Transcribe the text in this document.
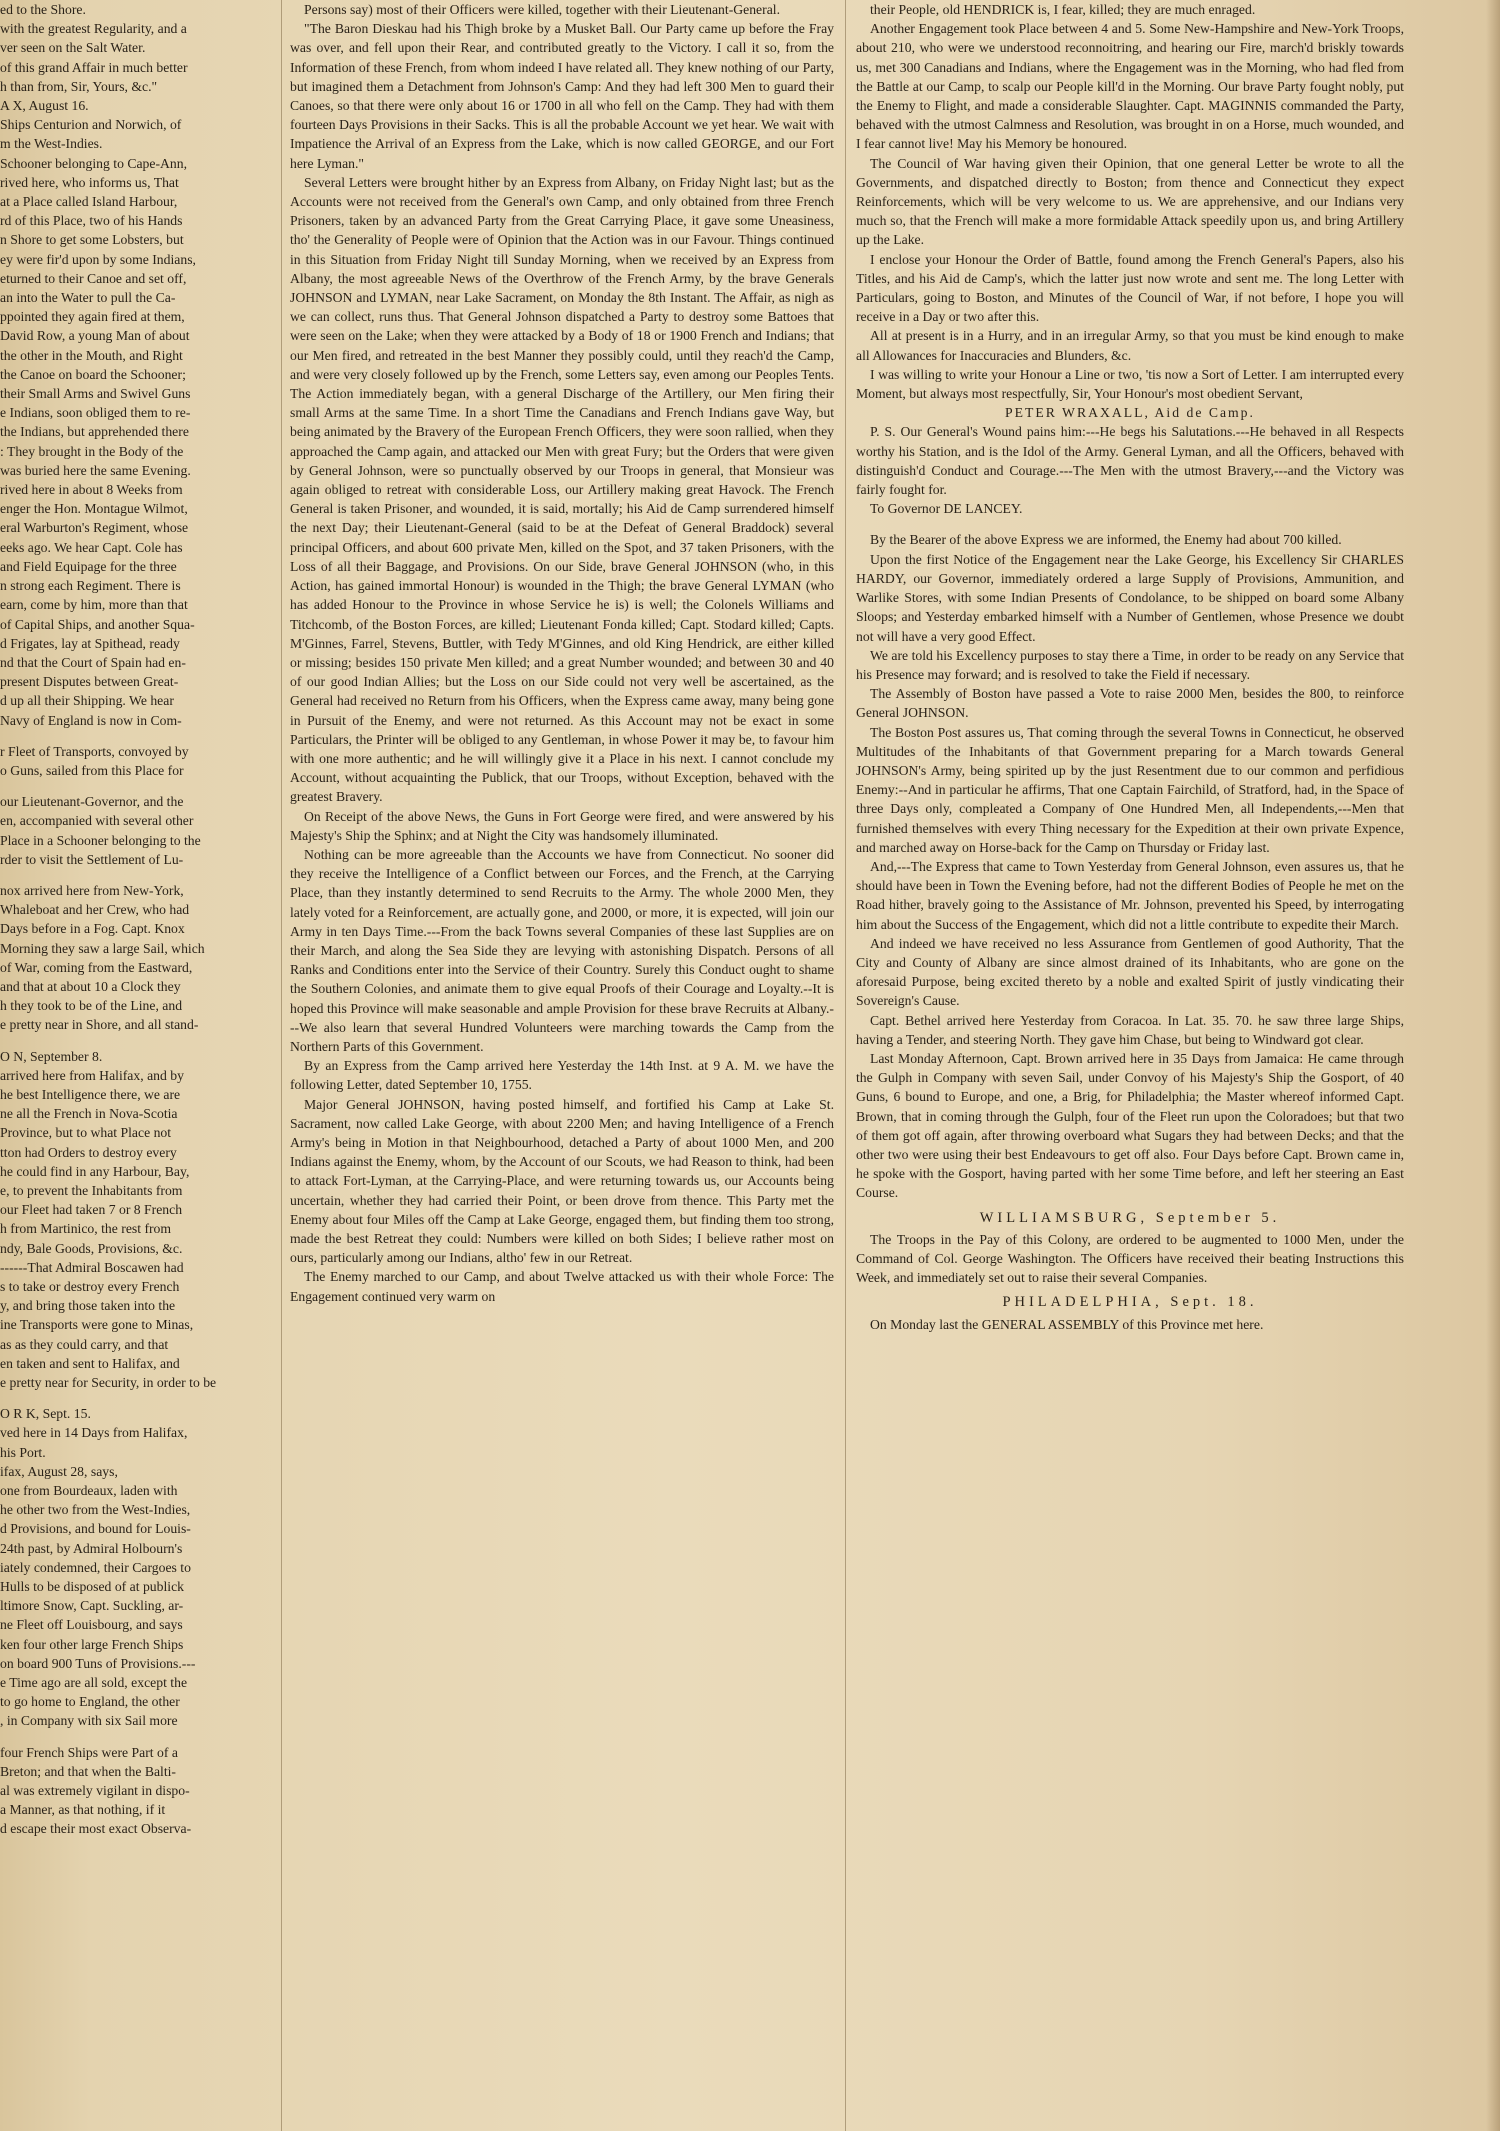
ed to the Shore.

with the greatest Regularity, and a

ver seen on the Salt Water.

of this grand Affair in much better

h than from, Sir, Yours, &c."

A X, August 16.

Ships Centurion and Norwich, of

m the West-Indies.

Schooner belonging to Cape-Ann,

rived here, who informs us, That

at a Place called Island Harbour,

rd of this Place, two of his Hands

n Shore to get some Lobsters, but

ey were fir'd upon by some Indians,

eturned to their Canoe and set off,

an into the Water to pull the Ca-

ppointed they again fired at them,

David Row, a young Man of about

the other in the Mouth, and Right

the Canoe on board the Schooner;

their Small Arms and Swivel Guns

e Indians, soon obliged them to re-

the Indians, but apprehended there

: They brought in the Body of the

was buried here the same Evening.

rived here in about 8 Weeks from

enger the Hon. Montague Wilmot,

eral Warburton's Regiment, whose

eeks ago. We hear Capt. Cole has

and Field Equipage for the three

n strong each Regiment. There is

earn, come by him, more than that

of Capital Ships, and another Squa-

d Frigates, lay at Spithead, ready

nd that the Court of Spain had en-

present Disputes between Great-

d up all their Shipping. We hear

Navy of England is now in Com-

r Fleet of Transports, convoyed by

o Guns, sailed from this Place for

our Lieutenant-Governor, and the

en, accompanied with several other

Place in a Schooner belonging to the

rder to visit the Settlement of Lu-

nox arrived here from New-York,

Whaleboat and her Crew, who had

Days before in a Fog. Capt. Knox

Morning they saw a large Sail, which

of War, coming from the Eastward,

and that at about 10 a Clock they

h they took to be of the Line, and

e pretty near in Shore, and all stand-

O N, September 8.

arrived here from Halifax, and by

he best Intelligence there, we are

ne all the French in Nova-Scotia

Province, but to what Place not

tton had Orders to destroy every

he could find in any Harbour, Bay,

e, to prevent the Inhabitants from

our Fleet had taken 7 or 8 French

h from Martinico, the rest from

ndy, Bale Goods, Provisions, &c.

------That Admiral Boscawen had

s to take or destroy every French

y, and bring those taken into the

ine Transports were gone to Minas,

as as they could carry, and that

en taken and sent to Halifax, and

e pretty near for Security, in order to be

O R K, Sept. 15.

ved here in 14 Days from Halifax,

his Port.

ifax, August 28, says,

one from Bourdeaux, laden with

he other two from the West-Indies,

d Provisions, and bound for Louis-

24th past, by Admiral Holbourn's

iately condemned, their Cargoes to

Hulls to be disposed of at publick

ltimore Snow, Capt. Suckling, ar-

ne Fleet off Louisbourg, and says

ken four other large French Ships

on board 900 Tuns of Provisions.---

e Time ago are all sold, except the

to go home to England, the other

, in Company with six Sail more

four French Ships were Part of a

Breton; and that when the Balti-

al was extremely vigilant in dispo-

a Manner, as that nothing, if it

d escape their most exact Observa-

Persons say) most of their Officers were killed, together with their Lieutenant-General.

"The Baron Dieskau had his Thigh broke by a Musket Ball. Our Party came up before the Fray was over, and fell upon their Rear, and contributed greatly to the Victory. I call it so, from the Information of these French, from whom indeed I have related all. They knew nothing of our Party, but imagined them a Detachment from Johnson's Camp: And they had left 300 Men to guard their Canoes, so that there were only about 16 or 1700 in all who fell on the Camp. They had with them fourteen Days Provisions in their Sacks. This is all the probable Account we yet hear. We wait with Impatience the Arrival of an Express from the Lake, which is now called GEORGE, and our Fort here Lyman."

Several Letters were brought hither by an Express from Albany, on Friday Night last; but as the Accounts were not received from the General's own Camp, and only obtained from three French Prisoners, taken by an advanced Party from the Great Carrying Place, it gave some Uneasiness, tho' the Generality of People were of Opinion that the Action was in our Favour. Things continued in this Situation from Friday Night till Sunday Morning, when we received by an Express from Albany, the most agreeable News of the Overthrow of the French Army, by the brave Generals JOHNSON and LYMAN, near Lake Sacrament, on Monday the 8th Instant. The Affair, as nigh as we can collect, runs thus. That General Johnson dispatched a Party to destroy some Battoes that were seen on the Lake; when they were attacked by a Body of 18 or 1900 French and Indians; that our Men fired, and retreated in the best Manner they possibly could, until they reach'd the Camp, and were very closely followed up by the French, some Letters say, even among our Peoples Tents. The Action immediately began, with a general Discharge of the Artillery, our Men firing their small Arms at the same Time. In a short Time the Canadians and French Indians gave Way, but being animated by the Bravery of the European French Officers, they were soon rallied, when they approached the Camp again, and attacked our Men with great Fury; but the Orders that were given by General Johnson, were so punctually observed by our Troops in general, that Monsieur was again obliged to retreat with considerable Loss, our Artillery making great Havock. The French General is taken Prisoner, and wounded, it is said, mortally; his Aid de Camp surrendered himself the next Day; their Lieutenant-General (said to be at the Defeat of General Braddock) several principal Officers, and about 600 private Men, killed on the Spot, and 37 taken Prisoners, with the Loss of all their Baggage, and Provisions. On our Side, brave General JOHNSON (who, in this Action, has gained immortal Honour) is wounded in the Thigh; the brave General LYMAN (who has added Honour to the Province in whose Service he is) is well; the Colonels Williams and Titchcomb, of the Boston Forces, are killed; Lieutenant Fonda killed; Capt. Stodard killed; Capts. M'Ginnes, Farrel, Stevens, Buttler, with Tedy M'Ginnes, and old King Hendrick, are either killed or missing; besides 150 private Men killed; and a great Number wounded; and between 30 and 40 of our good Indian Allies; but the Loss on our Side could not very well be ascertained, as the General had received no Return from his Officers, when the Express came away, many being gone in Pursuit of the Enemy, and were not returned. As this Account may not be exact in some Particulars, the Printer will be obliged to any Gentleman, in whose Power it may be, to favour him with one more authentic; and he will willingly give it a Place in his next. I cannot conclude my Account, without acquainting the Publick, that our Troops, without Exception, behaved with the greatest Bravery.

On Receipt of the above News, the Guns in Fort George were fired, and were answered by his Majesty's Ship the Sphinx; and at Night the City was handsomely illuminated.

Nothing can be more agreeable than the Accounts we have from Connecticut. No sooner did they receive the Intelligence of a Conflict between our Forces, and the French, at the Carrying Place, than they instantly determined to send Recruits to the Army. The whole 2000 Men, they lately voted for a Reinforcement, are actually gone, and 2000, or more, it is expected, will join our Army in ten Days Time.---From the back Towns several Companies of these last Supplies are on their March, and along the Sea Side they are levying with astonishing Dispatch. Persons of all Ranks and Conditions enter into the Service of their Country. Surely this Conduct ought to shame the Southern Colonies, and animate them to give equal Proofs of their Courage and Loyalty.--It is hoped this Province will make seasonable and ample Provision for these brave Recruits at Albany.---We also learn that several Hundred Volunteers were marching towards the Camp from the Northern Parts of this Government.

By an Express from the Camp arrived here Yesterday the 14th Inst. at 9 A. M. we have the following Letter, dated September 10, 1755.

Major General JOHNSON, having posted himself, and fortified his Camp at Lake St. Sacrament, now called Lake George, with about 2200 Men; and having Intelligence of a French Army's being in Motion in that Neighbourhood, detached a Party of about 1000 Men, and 200 Indians against the Enemy, whom, by the Account of our Scouts, we had Reason to think, had been to attack Fort-Lyman, at the Carrying-Place, and were returning towards us, our Accounts being uncertain, whether they had carried their Point, or been drove from thence. This Party met the Enemy about four Miles off the Camp at Lake George, engaged them, but finding them too strong, made the best Retreat they could: Numbers were killed on both Sides; I believe rather most on ours, particularly among our Indians, altho' few in our Retreat.

The Enemy marched to our Camp, and about Twelve attacked us with their whole Force: The Engagement continued very warm on

their People, old HENDRICK is, I fear, killed; they are much enraged.

Another Engagement took Place between 4 and 5. Some New-Hampshire and New-York Troops, about 210, who were we understood reconnoitring, and hearing our Fire, march'd briskly towards us, met 300 Canadians and Indians, where the Engagement was in the Morning, who had fled from the Battle at our Camp, to scalp our People kill'd in the Morning. Our brave Party fought nobly, put the Enemy to Flight, and made a considerable Slaughter. Capt. MAGINNIS commanded the Party, behaved with the utmost Calmness and Resolution, was brought in on a Horse, much wounded, and I fear cannot live! May his Memory be honoured.

The Council of War having given their Opinion, that one general Letter be wrote to all the Governments, and dispatched directly to Boston; from thence and Connecticut they expect Reinforcements, which will be very welcome to us. We are apprehensive, and our Indians very much so, that the French will make a more formidable Attack speedily upon us, and bring Artillery up the Lake.

I enclose your Honour the Order of Battle, found among the French General's Papers, also his Titles, and his Aid de Camp's, which the latter just now wrote and sent me. The long Letter with Particulars, going to Boston, and Minutes of the Council of War, if not before, I hope you will receive in a Day or two after this.

All at present is in a Hurry, and in an irregular Army, so that you must be kind enough to make all Allowances for Inaccuracies and Blunders, &c.

I was willing to write your Honour a Line or two, 'tis now a Sort of Letter. I am interrupted every Moment, but always most respectfully, Sir, Your Honour's most obedient Servant,

PETER WRAXALL, Aid de Camp.

P. S. Our General's Wound pains him:---He begs his Salutations.---He behaved in all Respects worthy his Station, and is the Idol of the Army. General Lyman, and all the Officers, behaved with distinguish'd Conduct and Courage.---The Men with the utmost Bravery,---and the Victory was fairly fought for.

To Governor DE LANCEY.

By the Bearer of the above Express we are informed, the Enemy had about 700 killed.

Upon the first Notice of the Engagement near the Lake George, his Excellency Sir CHARLES HARDY, our Governor, immediately ordered a large Supply of Provisions, Ammunition, and Warlike Stores, with some Indian Presents of Condolance, to be shipped on board some Albany Sloops; and Yesterday embarked himself with a Number of Gentlemen, whose Presence we doubt not will have a very good Effect.

We are told his Excellency purposes to stay there a Time, in order to be ready on any Service that his Presence may forward; and is resolved to take the Field if necessary.

The Assembly of Boston have passed a Vote to raise 2000 Men, besides the 800, to reinforce General JOHNSON.

The Boston Post assures us, That coming through the several Towns in Connecticut, he observed Multitudes of the Inhabitants of that Government preparing for a March towards General JOHNSON's Army, being spirited up by the just Resentment due to our common and perfidious Enemy:--And in particular he affirms, That one Captain Fairchild, of Stratford, had, in the Space of three Days only, compleated a Company of One Hundred Men, all Independents,---Men that furnished themselves with every Thing necessary for the Expedition at their own private Expence, and marched away on Horse-back for the Camp on Thursday or Friday last.

And,---The Express that came to Town Yesterday from General Johnson, even assures us, that he should have been in Town the Evening before, had not the different Bodies of People he met on the Road hither, bravely going to the Assistance of Mr. Johnson, prevented his Speed, by interrogating him about the Success of the Engagement, which did not a little contribute to expedite their March.

And indeed we have received no less Assurance from Gentlemen of good Authority, That the City and County of Albany are since almost drained of its Inhabitants, who are gone on the aforesaid Purpose, being excited thereto by a noble and exalted Spirit of justly vindicating their Sovereign's Cause.

Capt. Bethel arrived here Yesterday from Coracoa. In Lat. 35. 70. he saw three large Ships, having a Tender, and steering North. They gave him Chase, but being to Windward got clear.

Last Monday Afternoon, Capt. Brown arrived here in 35 Days from Jamaica: He came through the Gulph in Company with seven Sail, under Convoy of his Majesty's Ship the Gosport, of 40 Guns, 6 bound to Europe, and one, a Brig, for Philadelphia; the Master whereof informed Capt. Brown, that in coming through the Gulph, four of the Fleet run upon the Coloradoes; but that two of them got off again, after throwing overboard what Sugars they had between Decks; and that the other two were using their best Endeavours to get off also. Four Days before Capt. Brown came in, he spoke with the Gosport, having parted with her some Time before, and left her steering an East Course.

WILLIAMSBURG, September 5.

The Troops in the Pay of this Colony, are ordered to be augmented to 1000 Men, under the Command of Col. George Washington. The Officers have received their beating Instructions this Week, and immediately set out to raise their several Companies.

PHILADELPHIA, Sept. 18.

On Monday last the GENERAL ASSEMBLY of this Province met here.
